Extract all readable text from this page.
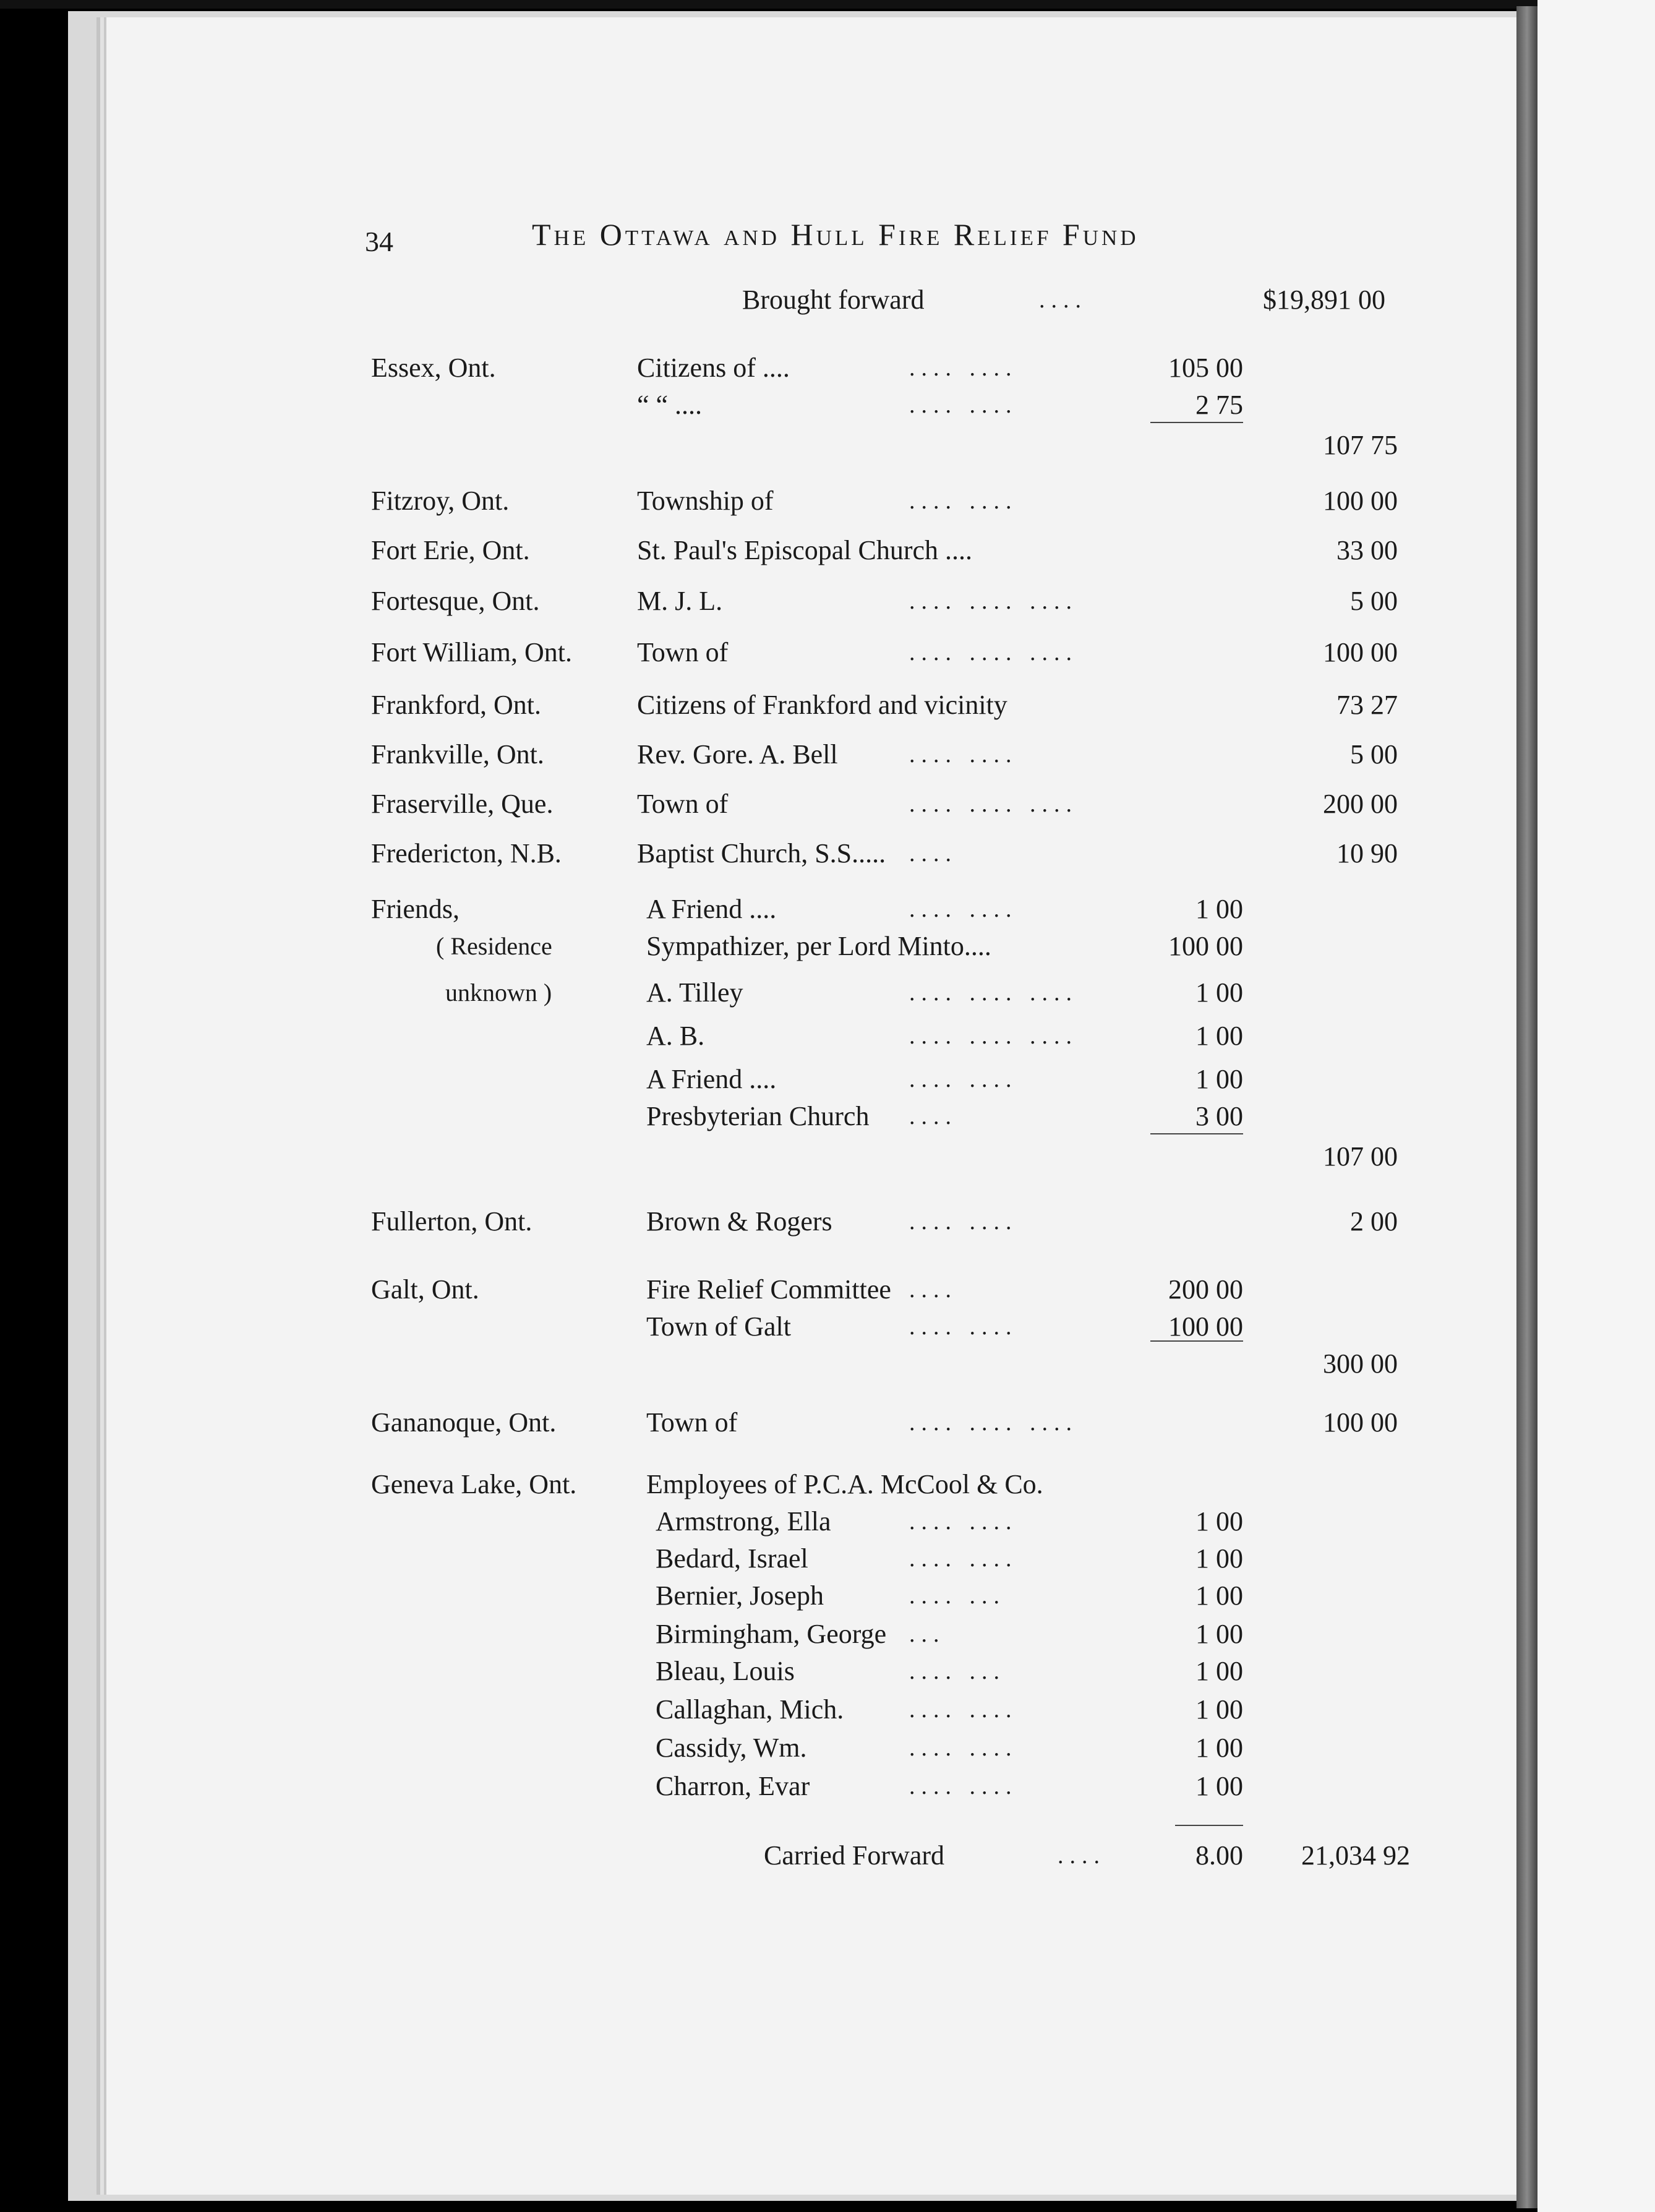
34	The Ottawa and Hull Fire Relief Fund
Brought forward	....	$19,891 00
Essex, Ont.	Citizens of ....	.... ....	105 00
“ “ ....	.... ....	2 75
107 75
Fitzroy, Ont.	Township of	.... ....	100 00
Fort Erie, Ont.	St. Paul's Episcopal Church ....	33 00
Fortesque, Ont.	M. J. L.	.... .... ....	5 00
Fort William, Ont. Town of	.... .... ....	100 00
Frankford, Ont.	Citizens of Frankford and vicinity	73 27
Frankville, Ont.	Rev. Gore. A. Bell	.... ....	5 00
Fraserville, Que.	Town of	.... .... ....	200 00
Fredericton, N.B.	Baptist Church, S.S..... ....	10 90
Friends,	A Friend ....	.... ....	1 00
( Residence	Sympathizer, per Lord Minto....	100 00
unknown )	A. Tilley	.... .... ....	1 00
A. B.	.... .... ....	1 00
A Friend ....	.... ....	1 00
Presbyterian Church ....	3 00
107 00
Fullerton, Ont.	Brown & Rogers	.... ....	2 00
Galt, Ont.	Fire Relief Committee ....	200 00
Town of Galt	.... ....	100 00
300 00
Gananoque, Ont.	Town of	.... .... ....	100 00
Geneva Lake, Ont.	Employees of P.C.A. McCool & Co.
Armstrong, Ella	.... ....	1 00
Bedard, Israel	.... ....	1 00
Bernier, Joseph	.... ...	1 00
Birmingham, George ...	1 00
Bleau, Louis	.... ...	1 00
Callaghan, Mich.	.... ....	1 00
Cassidy, Wm.	.... ....	1 00
Charron, Evar	.... ....	1 00
Carried Forward	....	8.00	21,034 92
